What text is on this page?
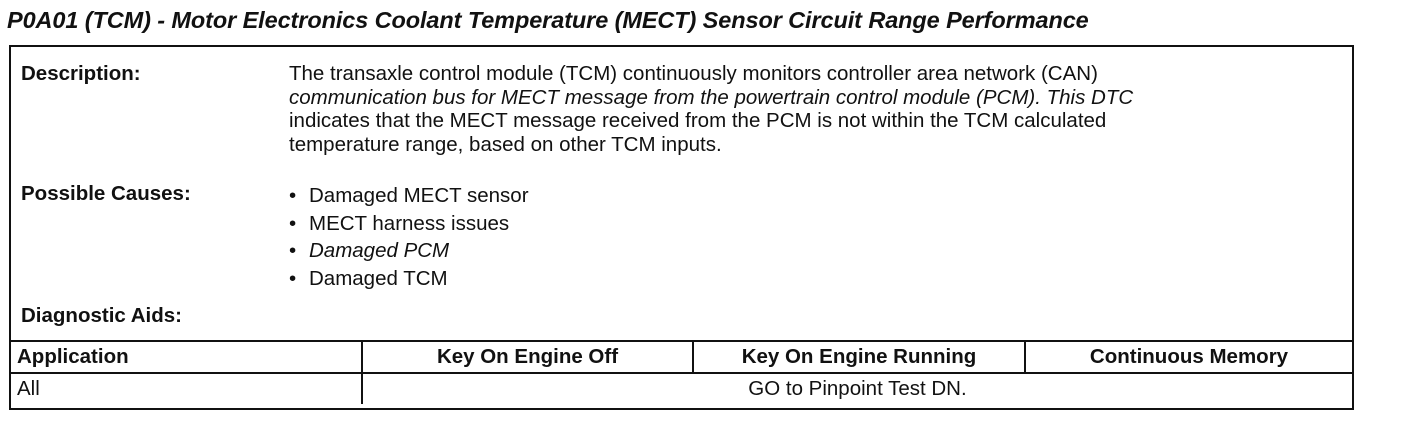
P0A01 (TCM) - Motor Electronics Coolant Temperature (MECT) Sensor Circuit Range Performance
Description:	The transaxle control module (TCM) continuously monitors controller area network (CAN)
communication bus for MECT message from the powertrain control module (PCM). This DTC
indicates that the MECT message received from the PCM is not within the TCM calculated
temperature range, based on other TCM inputs.
Possible Causes:	• Damaged MECT sensor
• MECT harness issues
• Damaged PCM
• Damaged TCM
Diagnostic Aids:
Application	Key On Engine Off	Key On Engine Running	Continuous Memory
All	GO to Pinpoint Test DN.		
